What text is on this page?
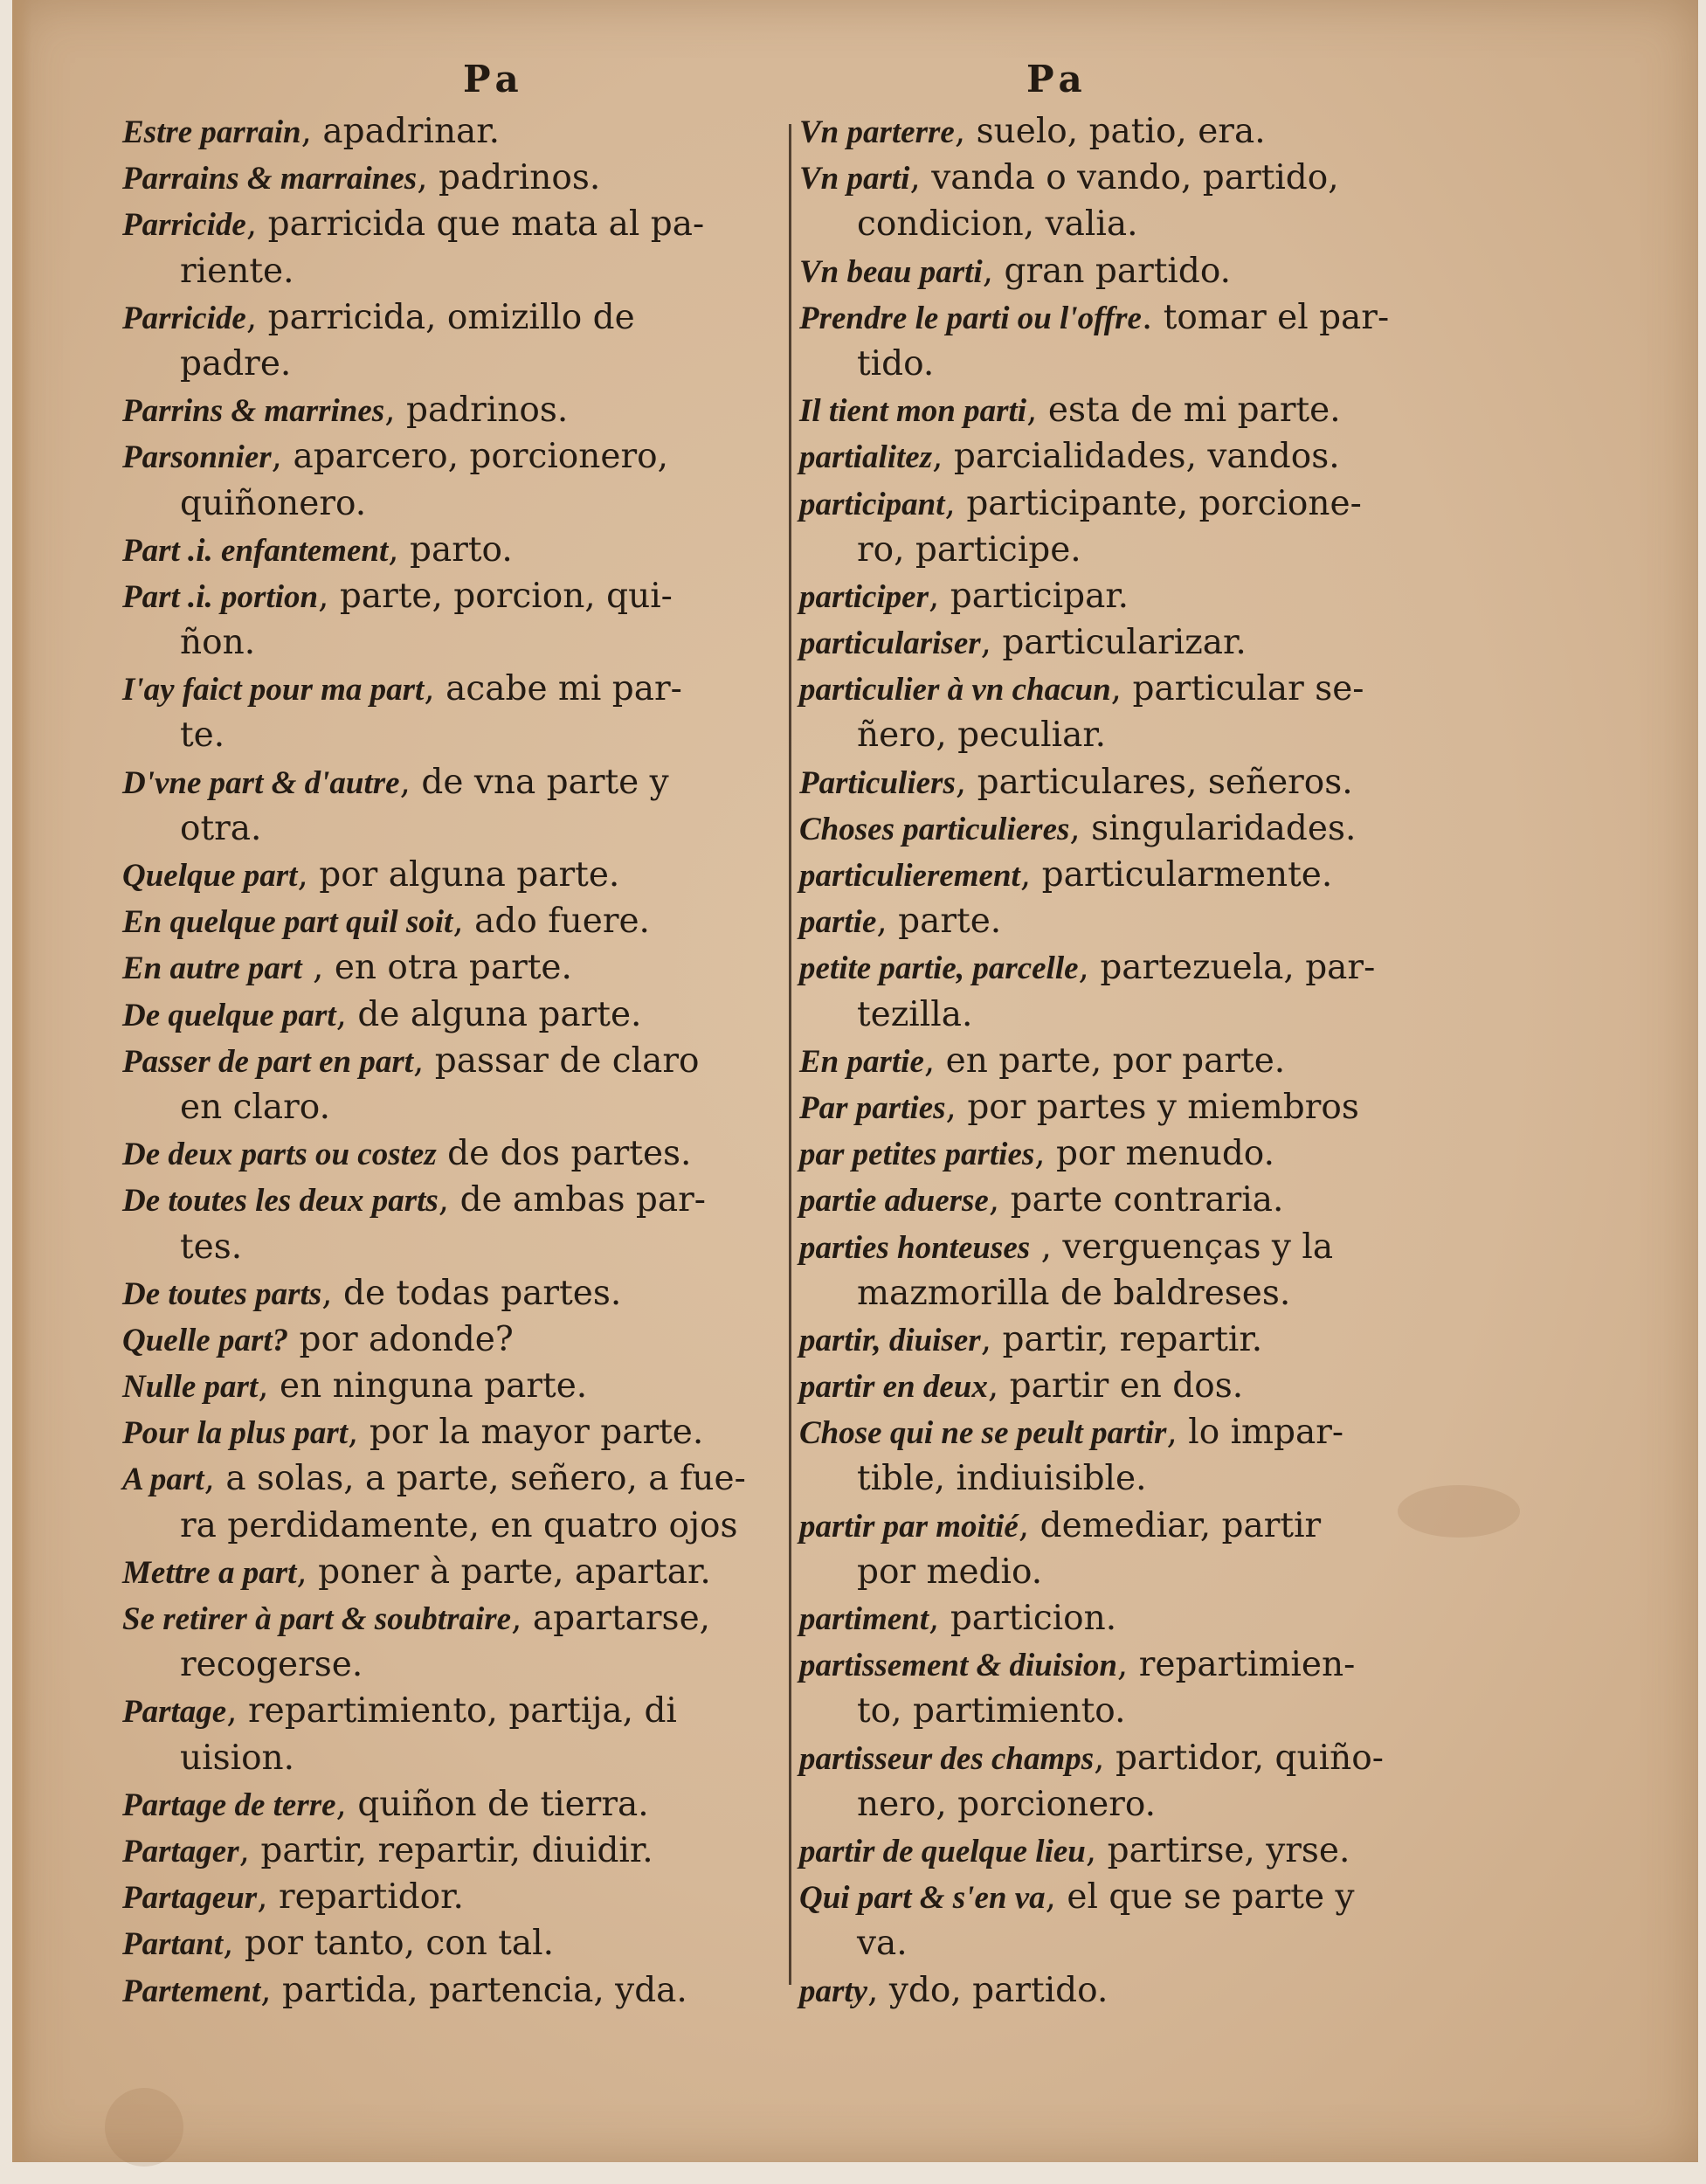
Pa	Pa
Estre parrain, apadrinar.
Parrains & marraines, padrinos.
Parricide, parricida que mata al pa-
riente.
Parricide, parricida, omizillo de
padre.
Parrins & marrines, padrinos.
Parsonnier, aparcero, porcionero,
quiñonero.
Part .i. enfantement, parto.
Part .i. portion, parte, porcion, qui-
ñon.
I'ay faict pour ma part, acabe mi par-
te.
D'vne part & d'autre, de vna parte y
otra.
Quelque part, por alguna parte.
En quelque part quil soit, ado fuere.
En autre part , en otra parte.
De quelque part, de alguna parte.
Passer de part en part, passar de claro
en claro.
De deux parts ou costez de dos partes.
De toutes les deux parts, de ambas par-
tes.
De toutes parts, de todas partes.
Quelle part? por adonde?
Nulle part, en ninguna parte.
Pour la plus part, por la mayor parte.
A part, a solas, a parte, señero, a fue-
ra perdidamente, en quatro ojos
Mettre a part, poner à parte, apartar.
Se retirer à part & soubtraire, apartarse,
recogerse.
Partage, repartimiento, partija, di
uision.
Partage de terre, quiñon de tierra.
Partager, partir, repartir, diuidir.
Partageur, repartidor.
Partant, por tanto, con tal.
Partement, partida, partencia, yda.
Vn parterre, suelo, patio, era.
Vn parti, vanda o vando, partido,
condicion, valia.
Vn beau parti, gran partido.
Prendre le parti ou l'offre. tomar el par-
tido.
Il tient mon parti, esta de mi parte.
partialitez, parcialidades, vandos.
participant, participante, porcione-
ro, participe.
participer, participar.
particulariser, particularizar.
particulier à vn chacun, particular se-
ñero, peculiar.
Particuliers, particulares, señeros.
Choses particulieres, singularidades.
particulierement, particularmente.
partie, parte.
petite partie, parcelle, partezuela, par-
tezilla.
En partie, en parte, por parte.
Par parties, por partes y miembros
par petites parties, por menudo.
partie aduerse, parte contraria.
parties honteuses , verguenças y la
mazmorilla de baldreses.
partir, diuiser, partir, repartir.
partir en deux, partir en dos.
Chose qui ne se peult partir, lo impar-
tible, indiuisible.
partir par moitié, demediar, partir
por medio.
partiment, particion.
partissement & diuision, repartimien-
to, partimiento.
partisseur des champs, partidor, quiño-
nero, porcionero.
partir de quelque lieu, partirse, yrse.
Qui part & s'en va, el que se parte y
va.
party, ydo, partido.
